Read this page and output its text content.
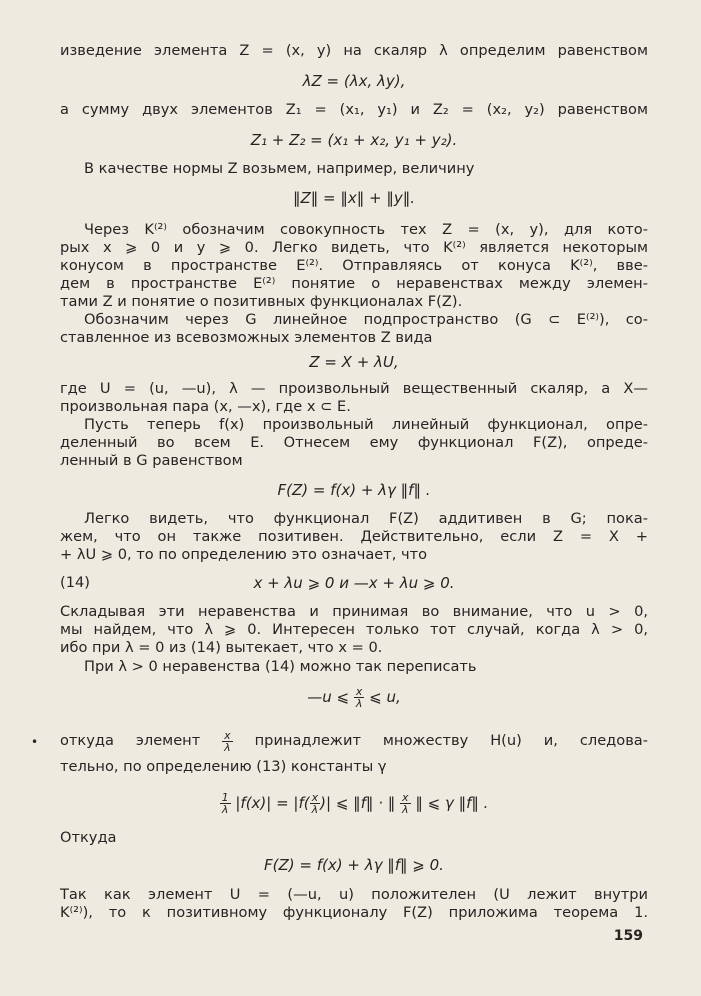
изведение элемента Z = (x, y) на скаляр λ определим равенством
λZ = (λx, λy),
а сумму двух элементов Z₁ = (x₁, y₁) и Z₂ = (x₂, y₂) равенством
Z₁ + Z₂ = (x₁ + x₂, y₁ + y₂).
В качестве нормы Z возьмем, например, величину
‖Z‖ = ‖x‖ + ‖y‖.
Через K⁽²⁾ обозначим совокупность тех Z = (x, y), для кото-
рых x ⩾ 0 и y ⩾ 0. Легко видеть, что K⁽²⁾ является некоторым
конусом в пространстве E⁽²⁾. Отправляясь от конуса K⁽²⁾, вве-
дем в пространстве E⁽²⁾ понятие о неравенствах между элемен-
тами Z и понятие о позитивных функционалах F(Z).
Обозначим через G линейное подпространство (G ⊂ E⁽²⁾), со-
ставленное из всевозможных элементов Z вида
Z = X + λU,
где U = (u, —u), λ — произвольный вещественный скаляр, а X—
произвольная пара (x, —x), где x ⊂ E.
Пусть теперь f(x) произвольный линейный функционал, опре-
деленный во всем E. Отнесем ему функционал F(Z), опреде-
ленный в G равенством
F(Z) = f(x) + λγ ‖f‖ .
Легко видеть, что функционал F(Z) аддитивен в G; пока-
жем, что он также позитивен. Действительно, если Z = X +
+ λU ⩾ 0, то по определению это означает, что
(14)	x + λu ⩾ 0 и —x + λu ⩾ 0.
Складывая эти неравенства и принимая во внимание, что u > 0,
мы найдем, что λ ⩾ 0. Интересен только тот случай, когда λ > 0,
ибо при λ = 0 из (14) вытекает, что x = 0.
При λ > 0 неравенства (14) можно так переписать
—u ⩽ $\frac{x}{\lambda}$ ⩽ u,
• откуда элемент $\frac{x}{\lambda}$ принадлежит множеству H(u) и, следова-
тельно, по определению (13) константы γ
$\frac{1}{\lambda} |f(x)| = |f( \frac{x}{\lambda}$ )| ⩽ ‖f‖ · ‖ $\frac{x}{\lambda}$ ‖ ⩽ γ ‖f‖ .
Откуда
F(Z) = f(x) + λγ ‖f‖ ⩾ 0.
Так как элемент U = (—u, u) положителен (U лежит внутри
K⁽²⁾), то к позитивному функционалу F(Z) приложима теорема 1.
159
